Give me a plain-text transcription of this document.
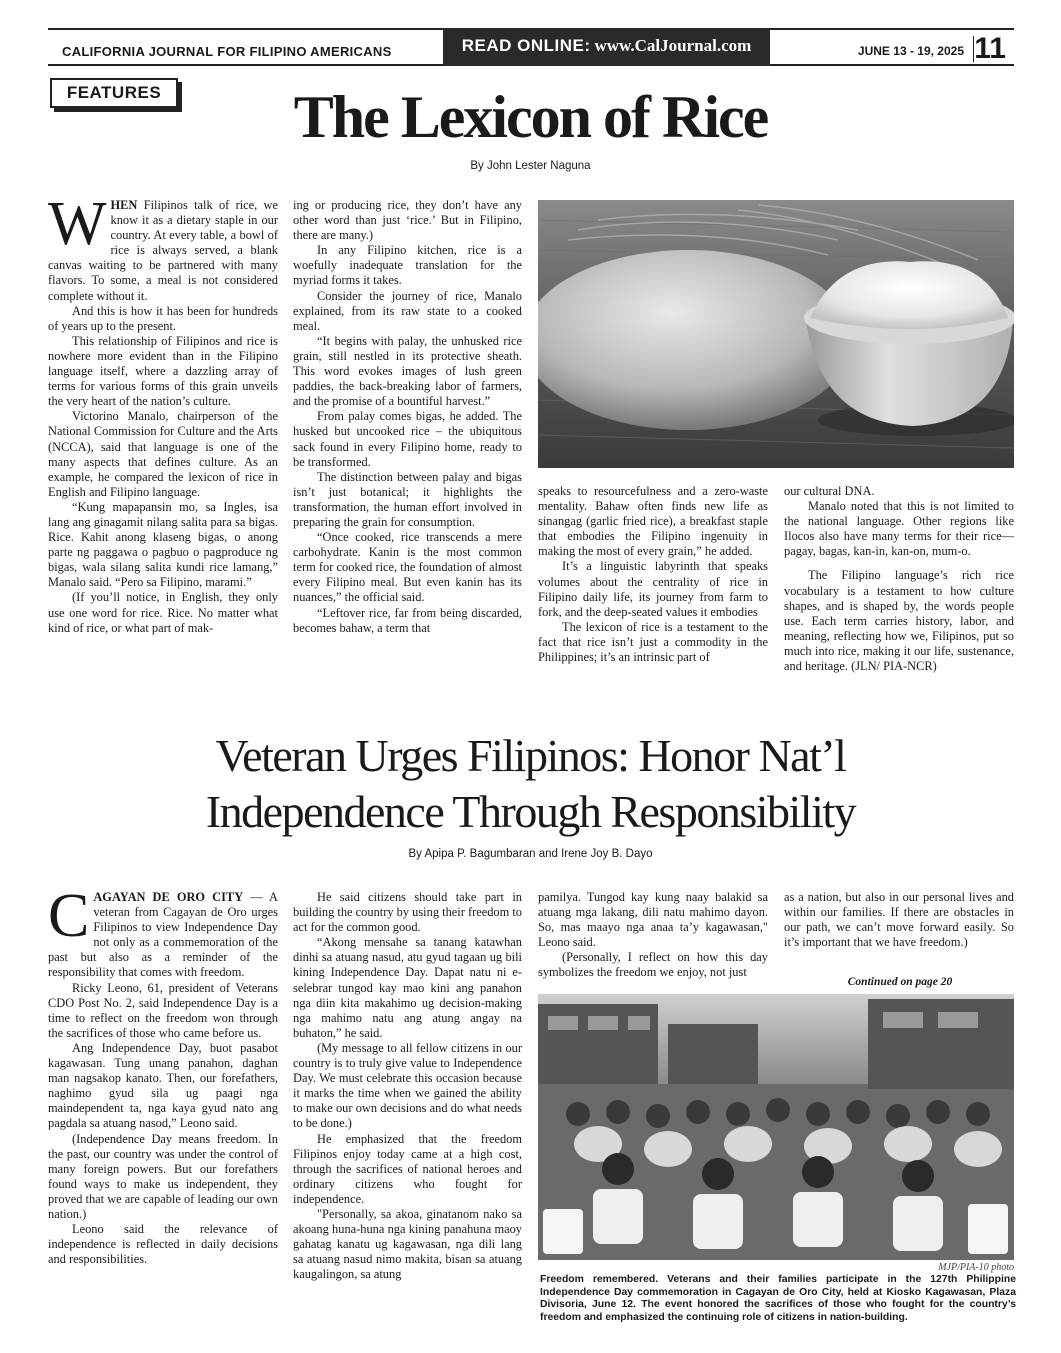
CALIFORNIA JOURNAL FOR FILIPINO AMERICANS	READ ONLINE: www.CalJournal.com	JUNE 13 - 19, 2025 11
FEATURES	The Lexicon of Rice
By John Lester Naguna

WHEN Filipinos talk of rice, we know it as a dietary staple in our country. At every table, a bowl of rice is always served, a blank canvas waiting to be partnered with many flavors. To some, a meal is not considered complete without it.

And this is how it has been for hundreds of years up to the present.

This relationship of Filipinos and rice is nowhere more evident than in the Filipino language itself, where a dazzling array of terms for various forms of this grain unveils the very heart of the nation’s culture.

Victorino Manalo, chairperson of the National Commission for Culture and the Arts (NCCA), said that language is one of the many aspects that defines culture. As an example, he compared the lexicon of rice in English and Filipino language.

“Kung mapapansin mo, sa Ingles, isa lang ang ginagamit nilang salita para sa bigas. Rice. Kahit anong klaseng bigas, o anong parte ng paggawa o pagbuo o pagproduce ng bigas, wala silang salita kundi rice lamang,” Manalo said. “Pero sa Filipino, marami.”

(If you’ll notice, in English, they only use one word for rice. Rice. No matter what kind of rice, or what part of mak-

ing or producing rice, they don’t have any other word than just ‘rice.’ But in Filipino, there are many.)

In any Filipino kitchen, rice is a woefully inadequate translation for the myriad forms it takes.

Consider the journey of rice, Manalo explained, from its raw state to a cooked meal.

“It begins with palay, the unhusked rice grain, still nestled in its protective sheath. This word evokes images of lush green paddies, the back-breaking labor of farmers, and the promise of a bountiful harvest.”

From palay comes bigas, he added. The husked but uncooked rice – the ubiquitous sack found in every Filipino home, ready to be transformed.

The distinction between palay and bigas isn’t just botanical; it highlights the transformation, the human effort involved in preparing the grain for consumption.

“Once cooked, rice transcends a mere carbohydrate. Kanin is the most common term for cooked rice, the foundation of almost every Filipino meal. But even kanin has its nuances,” the official said.

“Leftover rice, far from being discarded, becomes bahaw, a term that

speaks to resourcefulness and a zero-waste mentality. Bahaw often finds new life as sinangag (garlic fried rice), a breakfast staple that embodies the Filipino ingenuity in making the most of every grain,” he added.

It’s a linguistic labyrinth that speaks volumes about the centrality of rice in Filipino daily life, its journey from farm to fork, and the deep-seated values it embodies

The lexicon of rice is a testament to the fact that rice isn’t just a commodity in the Philippines; it’s an intrinsic part of

our cultural DNA.

Manalo noted that this is not limited to the national language. Other regions like Ilocos also have many terms for their rice—pagay, bagas, kan-in, kan-on, mum-o.

The Filipino language’s rich rice vocabulary is a testament to how culture shapes, and is shaped by, the words people use. Each term carries history, labor, and meaning, reflecting how we, Filipinos, put so much into rice, making it our life, sustenance, and heritage. (JLN/ PIA-NCR)

Veteran Urges Filipinos: Honor Nat’l
Independence Through Responsibility
By Apipa P. Bagumbaran and Irene Joy B. Dayo

CAGAYAN DE ORO CITY — A veteran from Cagayan de Oro urges Filipinos to view Independence Day not only as a commemoration of the past but also as a reminder of the responsibility that comes with freedom.

Ricky Leono, 61, president of Veterans CDO Post No. 2, said Independence Day is a time to reflect on the freedom won through the sacrifices of those who came before us.

Ang Independence Day, buot pasabot kagawasan. Tung unang panahon, daghan man nagsakop kanato. Then, our forefathers, naghimo gyud sila ug paagi nga maindependent ta, nga kaya gyud nato ang pagdala sa atuang nasod,” Leono said.

(Independence Day means freedom. In the past, our country was under the control of many foreign powers. But our forefathers found ways to make us independent, they proved that we are capable of leading our own nation.)

Leono said the relevance of independence is reflected in daily decisions and responsibilities.

He said citizens should take part in building the country by using their freedom to act for the common good.

“Akong mensahe sa tanang katawhan dinhi sa atuang nasud, atu gyud tagaan ug bili kining Independence Day. Dapat natu ni e-selebrar tungod kay mao kini ang panahon nga diin kita makahimo ug decision-making nga mahimo natu ang atung angay na buhaton,” he said.

(My message to all fellow citizens in our country is to truly give value to Independence Day. We must celebrate this occasion because it marks the time when we gained the ability to make our own decisions and do what needs to be done.)

He emphasized that the freedom Filipinos enjoy today came at a high cost, through the sacrifices of national heroes and ordinary citizens who fought for independence.

"Personally, sa akoa, ginatanom nako sa akoang huna-huna nga kining panahuna maoy gahatag kanatu ug kagawasan, nga dili lang sa atuang nasud nimo makita, bisan sa atuang kaugalingon, sa atung

pamilya. Tungod kay kung naay balakid sa atuang mga lakang, dili natu mahimo dayon. So, mas maayo nga anaa ta’y kagawasan," Leono said.

(Personally, I reflect on how this day symbolizes the freedom we enjoy, not just

as a nation, but also in our personal lives and within our families. If there are obstacles in our path, we can’t move forward easily. So it’s important that we have freedom.)

Continued on page 20
MJP/PIA-10 photo
Freedom remembered. Veterans and their families participate in the 127th Philippine Independence Day commemoration in Cagayan de Oro City, held at Kiosko Kagawasan, Plaza Divisoria, June 12. The event honored the sacrifices of those who fought for the country’s freedom and emphasized the continuing role of citizens in nation-building.
